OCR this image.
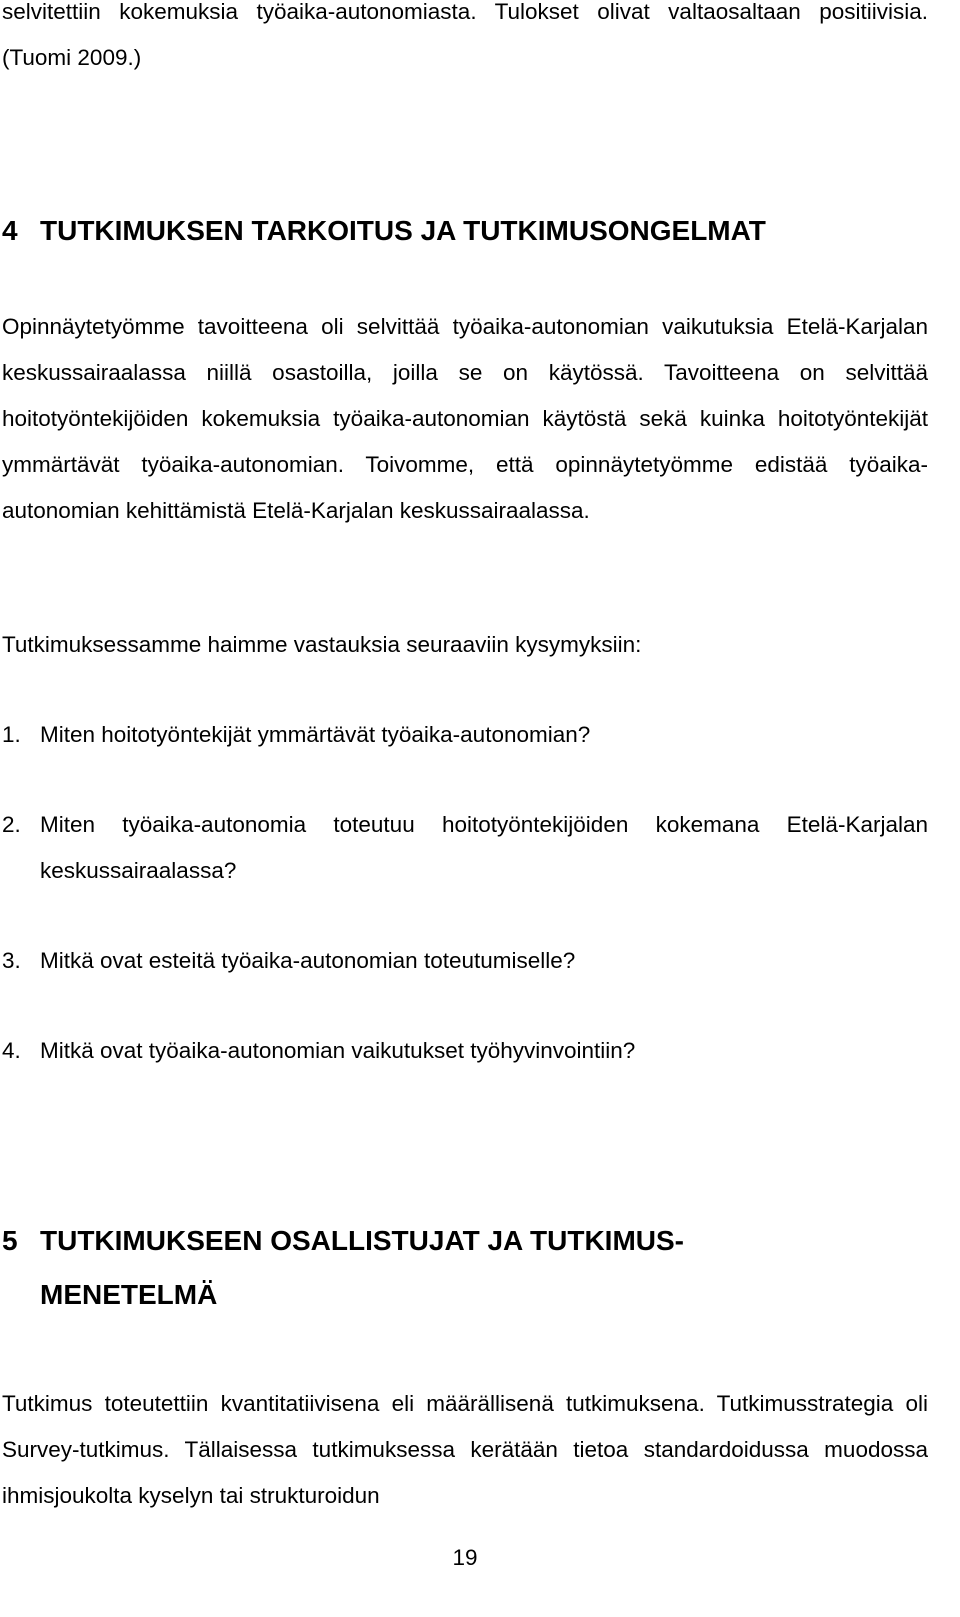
selvitettiin kokemuksia työaika-autonomiasta. Tulokset olivat valtaosaltaan positiivisia. (Tuomi 2009.)

4 TUTKIMUKSEN TARKOITUS JA TUTKIMUSONGELMAT

Opinnäytetyömme tavoitteena oli selvittää työaika-autonomian vaikutuksia Etelä-Karjalan keskussairaalassa niillä osastoilla, joilla se on käytössä. Tavoitteena on selvittää hoitotyöntekijöiden kokemuksia työaika-autonomian käytöstä sekä kuinka hoitotyöntekijät ymmärtävät työaika-autonomian. Toivomme, että opinnäytetyömme edistää työaika-autonomian kehittämistä Etelä-Karjalan keskussairaalassa.

Tutkimuksessamme haimme vastauksia seuraaviin kysymyksiin:

1. Miten hoitotyöntekijät ymmärtävät työaika-autonomian?
2. Miten työaika-autonomia toteutuu hoitotyöntekijöiden kokemana Etelä-Karjalan keskussairaalassa?
3. Mitkä ovat esteitä työaika-autonomian toteutumiselle?
4. Mitkä ovat työaika-autonomian vaikutukset työhyvinvointiin?
5 TUTKIMUKSEEN OSALLISTUJAT JA TUTKIMUS-MENETELMÄ

Tutkimus toteutettiin kvantitatiivisena eli määrällisenä tutkimuksena. Tutkimusstrategia oli Survey-tutkimus. Tällaisessa tutkimuksessa kerätään tietoa standardoidussa muodossa ihmisjoukolta kyselyn tai strukturoidun

19
